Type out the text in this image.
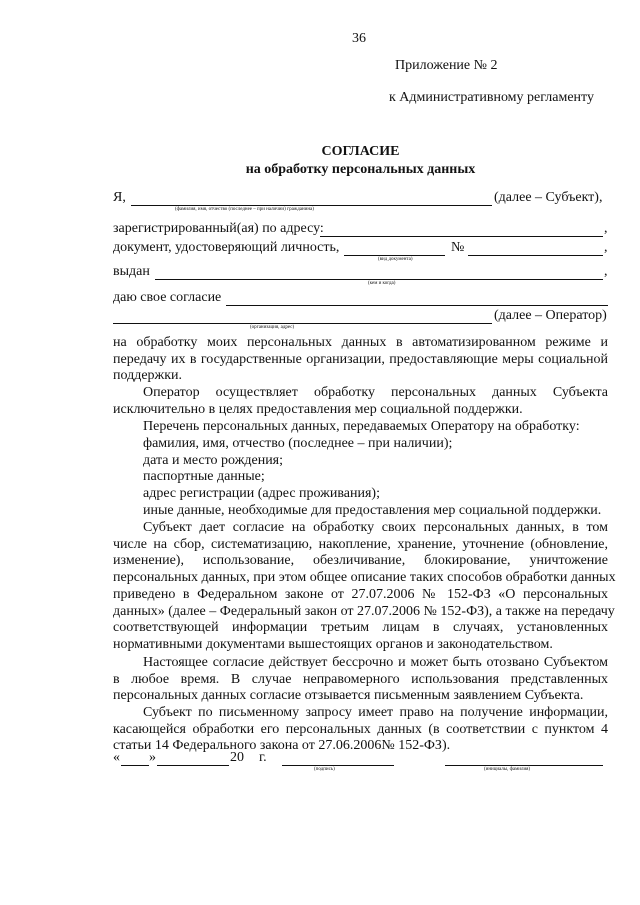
36
Приложение № 2
к Административному регламенту
СОГЛАСИЕ
на обработку персональных данных
Я,	(далее – Субъект),
(фамилия, имя, отчество (последнее – при наличии) гражданина)
зарегистрированный(ая) по адресу:	,
документ, удостоверяющий личность,	№	,
(вид документа)
выдан	,
(кем и когда)
даю свое согласие
(далее – Оператор)
(организация, адрес)
на обработку моих персональных данных в автоматизированном режиме и
передачу их в государственные организации, предоставляющие меры социальной
поддержки.
Оператор осуществляет обработку персональных данных Субъекта
исключительно в целях предоставления мер социальной поддержки.
Перечень персональных данных, передаваемых Оператору на обработку:
фамилия, имя, отчество (последнее – при наличии);
дата и место рождения;
паспортные данные;
адрес регистрации (адрес проживания);
иные данные, необходимые для предоставления мер социальной поддержки.
Субъект дает согласие на обработку своих персональных данных, в том
числе на сбор, систематизацию, накопление, хранение, уточнение (обновление,
изменение), использование, обезличивание, блокирование, уничтожение
персональных данных, при этом общее описание таких способов обработки данных
приведено в Федеральном законе от 27.07.2006 № 152-ФЗ «О персональных
данных» (далее – Федеральный закон от 27.07.2006 № 152-ФЗ), а также на передачу
соответствующей информации третьим лицам в случаях, установленных
нормативными документами вышестоящих органов и законодательством.
Настоящее согласие действует бессрочно и может быть отозвано Субъектом
в любое время. В случае неправомерного использования представленных
персональных данных согласие отзывается письменным заявлением Субъекта.
Субъект по письменному запросу имеет право на получение информации,
касающейся обработки его персональных данных (в соответствии с пунктом 4
статьи 14 Федерального закона от 27.06.2006№ 152-ФЗ).
« »	20 г.
(подпись)	(инициалы, фамилия)
